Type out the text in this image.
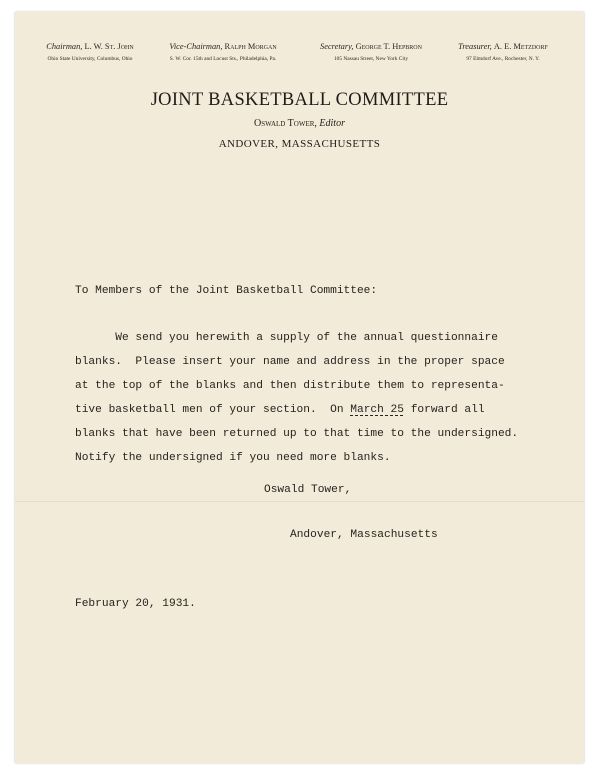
Chairman, L. W. St. John
Ohio State University, Columbus, Ohio
Vice-Chairman, Ralph Morgan
S. W. Cor. 15th and Locust Sts., Philadelphia, Pa.
Secretary, George T. Hepbron
105 Nassau Street, New York City
Treasurer, A. E. Metzdorf
97 Elmdorf Ave., Rochester, N. Y.
JOINT BASKETBALL COMMITTEE
Oswald Tower, Editor
ANDOVER, MASSACHUSETTS
To Members of the Joint Basketball Committee:
We send you herewith a supply of the annual questionnaire
blanks.  Please insert your name and address in the proper space
at the top of the blanks and then distribute them to representa-
tive basketball men of your section.  On March 25 forward all
blanks that have been returned up to that time to the undersigned.
Notify the undersigned if you need more blanks.
Oswald Tower,
Andover, Massachusetts
February 20, 1931.
